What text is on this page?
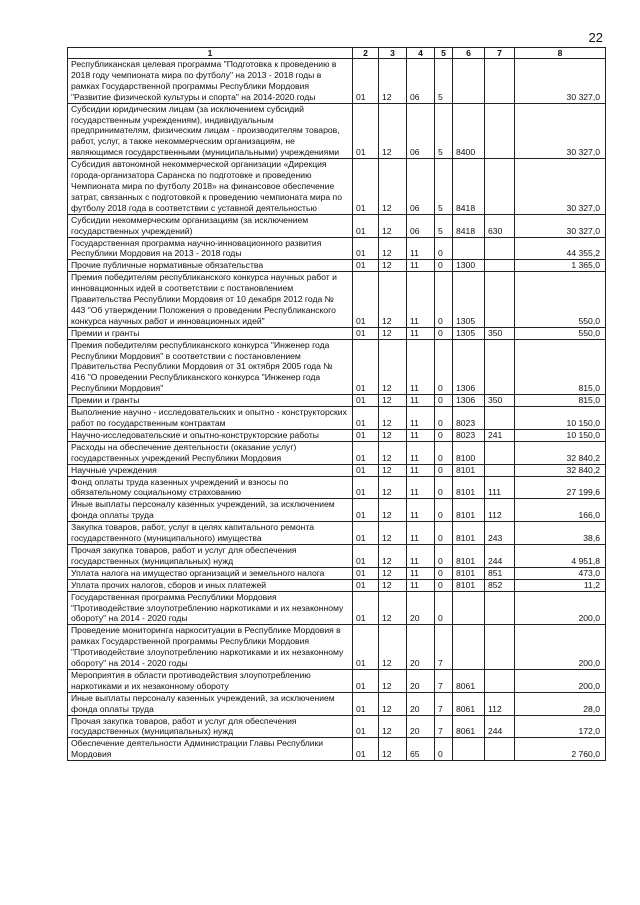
22
1	2	3	4	5	6	7	8
Республиканская целевая программа "Подготовка к проведению в 2018 году чемпионата мира по футболу" на 2013 - 2018 годы в рамках Государственной программы Республики Мордовия "Развитие физической культуры и спорта" на 2014-2020 годы	01	12	06	5			30 327,0
Субсидии юридическим лицам (за исключением субсидий государственным учреждениям), индивидуальным предпринимателям, физическим лицам - производителям товаров, работ, услуг, а также некоммерческим организациям, не являющимся государственными (муниципальными) учреждениями	01	12	06	5	8400		30 327,0
Субсидия автономной некоммерческой организации «Дирекция города-организатора Саранска по подготовке и проведению Чемпионата мира по футболу 2018» на финансовое обеспечение затрат, связанных с подготовкой к проведению чемпионата мира по футболу 2018 года в соответствии с уставной деятельностью	01	12	06	5	8418		30 327,0
Субсидии некоммерческим организациям (за исключением государственных учреждений)	01	12	06	5	8418	630	30 327,0
Государственная программа научно-инновационного развития Республики Мордовия на 2013 - 2018 годы	01	12	11	0			44 355,2
Прочие публичные нормативные обязательства	01	12	11	0	1300		1 365,0
Премия победителям республиканского конкурса научных работ и инновационных идей в соответствии с постановлением Правительства Республики Мордовия от 10 декабря 2012 года № 443 "Об утверждении Положения о проведении Республиканского конкурса научных работ и инновационных идей"	01	12	11	0	1305		550,0
Премии и гранты	01	12	11	0	1305	350	550,0
Премия победителям республиканского конкурса "Инженер года Республики Мордовия" в соответствии с постановлением Правительства Республики Мордовия от 31 октября 2005 года № 416 "О проведении Республиканского конкурса "Инженер года Республики Мордовия"	01	12	11	0	1306		815,0
Премии и гранты	01	12	11	0	1306	350	815,0
Выполнение научно - исследовательских и опытно - конструкторских работ по государственным контрактам	01	12	11	0	8023		10 150,0
Научно-исследовательские и опытно-конструкторские работы	01	12	11	0	8023	241	10 150,0
Расходы на обеспечение деятельности (оказание услуг) государственных учреждений Республики Мордовия	01	12	11	0	8100		32 840,2
Научные учреждения	01	12	11	0	8101		32 840,2
Фонд оплаты труда казенных учреждений и взносы по обязательному социальному страхованию	01	12	11	0	8101	111	27 199,6
Иные выплаты персоналу казенных учреждений, за исключением фонда оплаты труда	01	12	11	0	8101	112	166,0
Закупка товаров, работ, услуг в целях капитального ремонта государственного (муниципального) имущества	01	12	11	0	8101	243	38,6
Прочая закупка товаров, работ и услуг для обеспечения государственных (муниципальных) нужд	01	12	11	0	8101	244	4 951,8
Уплата налога на имущество организаций и земельного налога	01	12	11	0	8101	851	473,0
Уплата прочих налогов, сборов и иных платежей	01	12	11	0	8101	852	11,2
Государственная программа Республики Мордовия "Противодействие злоупотреблению наркотиками и их незаконному обороту" на 2014 - 2020 годы	01	12	20	0			200,0
Проведение мониторинга наркоситуации в Республике Мордовия в рамках Государственной программы Республики Мордовия "Противодействие злоупотреблению наркотиками и их незаконному обороту" на 2014 - 2020 годы	01	12	20	7			200,0
Мероприятия в области противодействия злоупотреблению наркотиками и их незаконному обороту	01	12	20	7	8061		200,0
Иные выплаты персоналу казенных учреждений, за исключением фонда оплаты труда	01	12	20	7	8061	112	28,0
Прочая закупка товаров, работ и услуг для обеспечения государственных (муниципальных) нужд	01	12	20	7	8061	244	172,0
Обеспечение деятельности Администрации Главы Республики Мордовия	01	12	65	0			2 760,0
